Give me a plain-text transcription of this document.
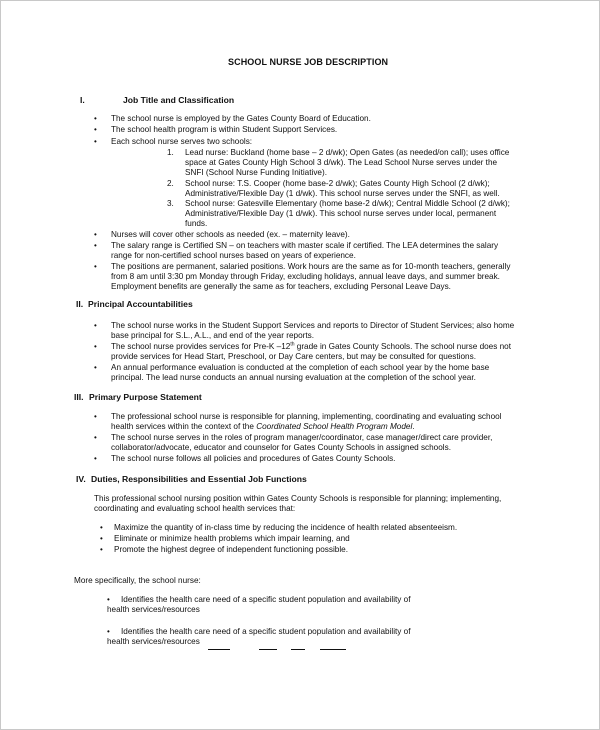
SCHOOL NURSE JOB DESCRIPTION
I.	Job Title and Classification
• The school nurse is employed by the Gates County Board of Education.
• The school health program is within Student Support Services.
• Each school nurse serves two schools:
1. Lead nurse: Buckland (home base – 2 d/wk); Open Gates (as needed/on call); uses office
space at Gates County High School 3 d/wk). The Lead School Nurse serves under the
SNFI (School Nurse Funding Initiative).
2. School nurse: T.S. Cooper (home base-2 d/wk); Gates County High School (2 d/wk);
Administrative/Flexible Day (1 d/wk). This school nurse serves under the SNFI, as well.
3. School nurse: Gatesville Elementary (home base-2 d/wk); Central Middle School (2 d/wk);
Administrative/Flexible Day (1 d/wk). This school nurse serves under local, permanent
funds.
• Nurses will cover other schools as needed (ex. – maternity leave).
• The salary range is Certified SN – on teachers with master scale if certified. The LEA determines the salary
range for non-certified school nurses based on years of experience.
• The positions are permanent, salaried positions. Work hours are the same as for 10-month teachers, generally
from 8 am until 3:30 pm Monday through Friday, excluding holidays, annual leave days, and summer break.
Employment benefits are generally the same as for teachers, excluding Personal Leave Days.
II. Principal Accountabilities
• The school nurse works in the Student Support Services and reports to Director of Student Services; also home
base principal for S.L., A.L., and end of the year reports.
• The school nurse provides services for Pre-K –12th grade in Gates County Schools. The school nurse does not
provide services for Head Start, Preschool, or Day Care centers, but may be consulted for questions.
• An annual performance evaluation is conducted at the completion of each school year by the home base
principal. The lead nurse conducts an annual nursing evaluation at the completion of the school year.
III. Primary Purpose Statement
• The professional school nurse is responsible for planning, implementing, coordinating and evaluating school
health services within the context of the Coordinated School Health Program Model.
• The school nurse serves in the roles of program manager/coordinator, case manager/direct care provider,
collaborator/advocate, educator and counselor for Gates County Schools in assigned schools.
• The school nurse follows all policies and procedures of Gates County Schools.
IV. Duties, Responsibilities and Essential Job Functions
This professional school nursing position within Gates County Schools is responsible for planning; implementing,
coordinating and evaluating school health services that:
• Maximize the quantity of in-class time by reducing the incidence of health related absenteeism.
• Eliminate or minimize health problems which impair learning, and
• Promote the highest degree of independent functioning possible.
More specifically, the school nurse:
• Identifies the health care need of a specific student population and availability of
health services/resources
• Identifies the health care need of a specific student population and availability of
health services/resources
